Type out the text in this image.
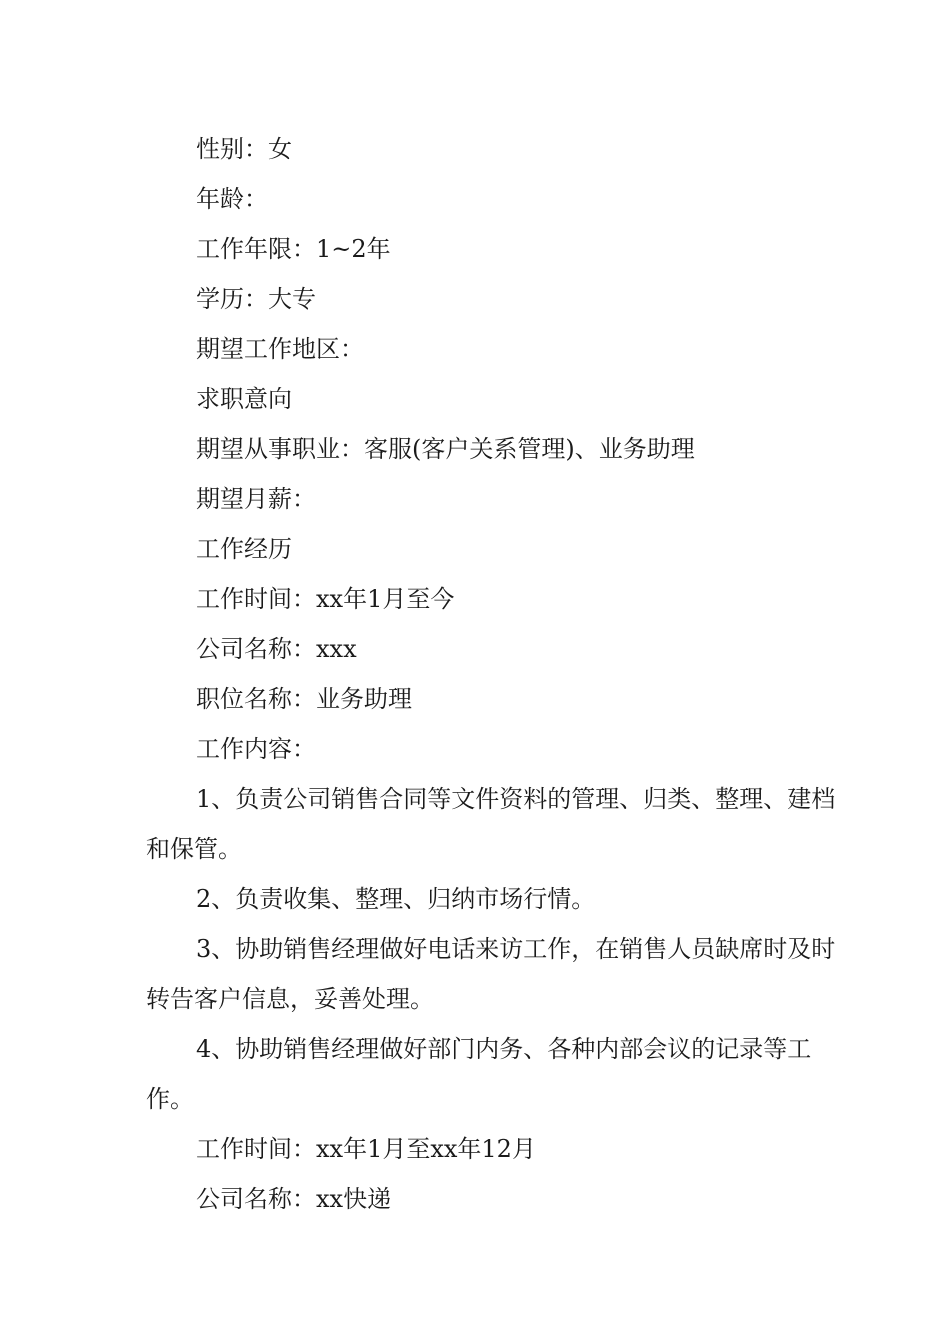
性别：女

年龄：

工作年限：1~2年

学历：大专

期望工作地区：

求职意向

期望从事职业：客服(客户关系管理)、业务助理

期望月薪：

工作经历

工作时间：xx年1月至今

公司名称：xxx

职位名称：业务助理

工作内容：

1、负责公司销售合同等文件资料的管理、归类、整理、建档和保管。

2、负责收集、整理、归纳市场行情。

3、协助销售经理做好电话来访工作，在销售人员缺席时及时转告客户信息，妥善处理。

4、协助销售经理做好部门内务、各种内部会议的记录等工作。

工作时间：xx年1月至xx年12月

公司名称：xx快递
